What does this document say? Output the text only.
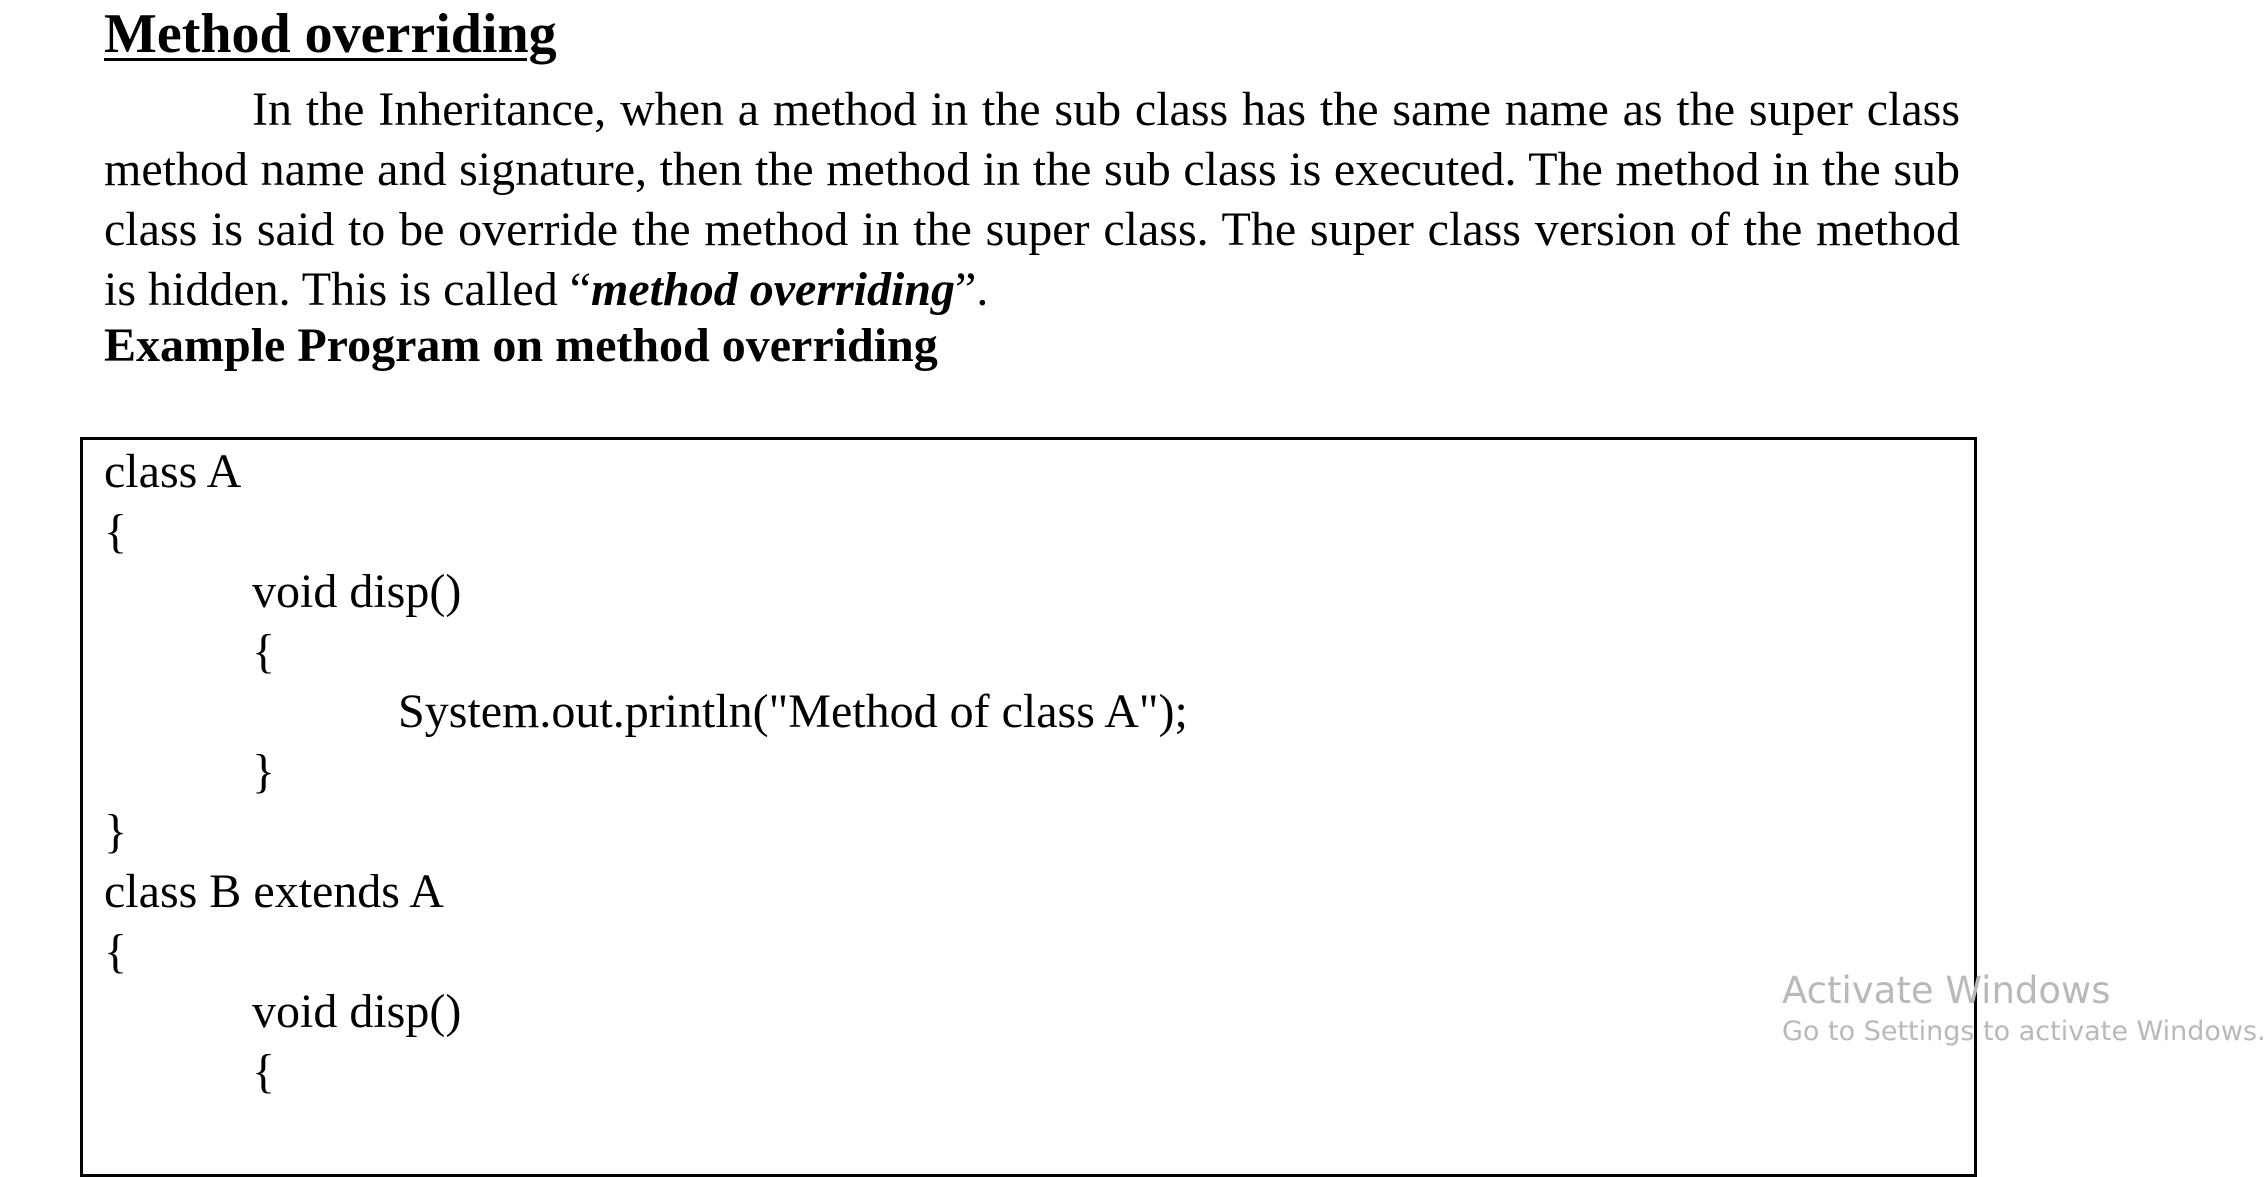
Method overriding

In the Inheritance, when a method in the sub class has the same name as the super class method name and signature, then the method in the sub class is executed. The method in the sub class is said to be override the method in the super class. The super class version of the method is hidden. This is called “method overriding”.

Example Program on method overriding
class A
{
void disp()
{
System.out.println("Method of class A");
}
}
class B extends A
{
void disp()
{
Activate Windows
Go to Settings to activate Windows.
